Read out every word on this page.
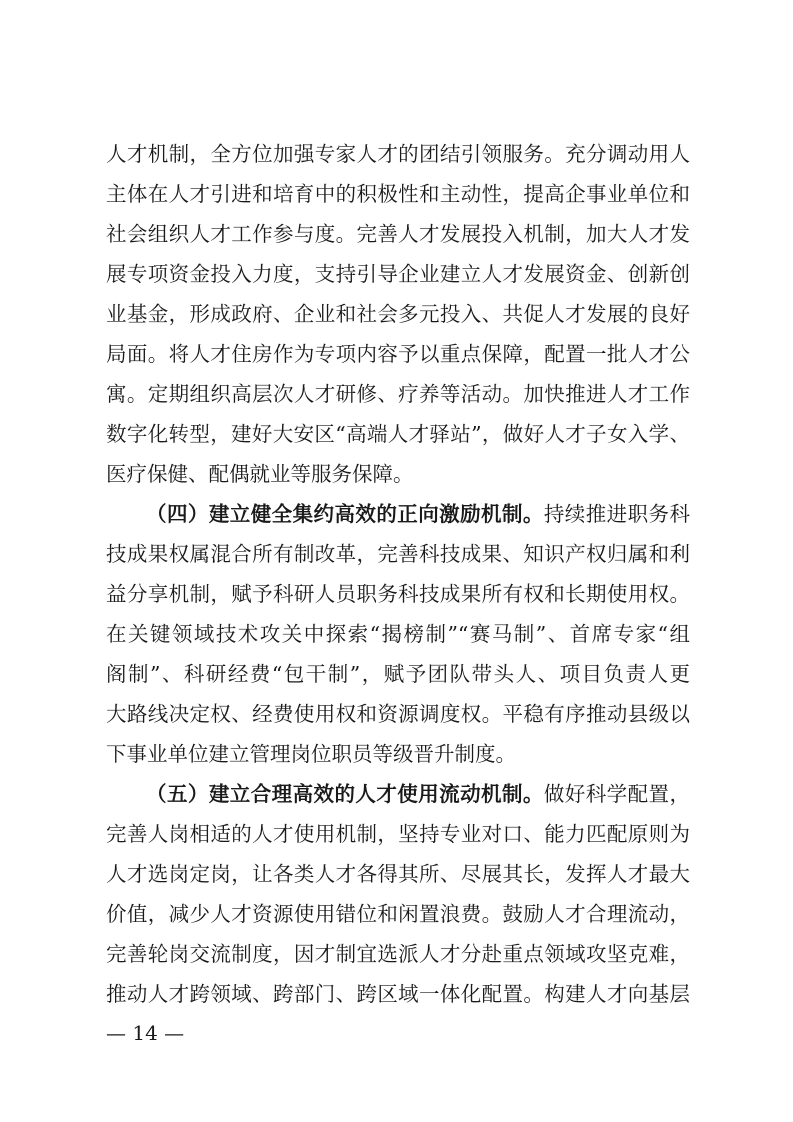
人才机制，全方位加强专家人才的团结引领服务。充分调动用人
主体在人才引进和培育中的积极性和主动性，提高企事业单位和
社会组织人才工作参与度。完善人才发展投入机制，加大人才发
展专项资金投入力度，支持引导企业建立人才发展资金、创新创
业基金，形成政府、企业和社会多元投入、共促人才发展的良好
局面。将人才住房作为专项内容予以重点保障，配置一批人才公
寓。定期组织高层次人才研修、疗养等活动。加快推进人才工作
数字化转型，建好大安区“高端人才驿站”，做好人才子女入学、
医疗保健、配偶就业等服务保障。
（四）建立健全集约高效的正向激励机制。持续推进职务科
技成果权属混合所有制改革，完善科技成果、知识产权归属和利
益分享机制，赋予科研人员职务科技成果所有权和长期使用权。
在关键领域技术攻关中探索“揭榜制”“赛马制”、首席专家“组
阁制”、科研经费“包干制”，赋予团队带头人、项目负责人更
大路线决定权、经费使用权和资源调度权。平稳有序推动县级以
下事业单位建立管理岗位职员等级晋升制度。
（五）建立合理高效的人才使用流动机制。做好科学配置，
完善人岗相适的人才使用机制，坚持专业对口、能力匹配原则为
人才选岗定岗，让各类人才各得其所、尽展其长，发挥人才最大
价值，减少人才资源使用错位和闲置浪费。鼓励人才合理流动，
完善轮岗交流制度，因才制宜选派人才分赴重点领域攻坚克难，
推动人才跨领域、跨部门、跨区域一体化配置。构建人才向基层
— 14 —
